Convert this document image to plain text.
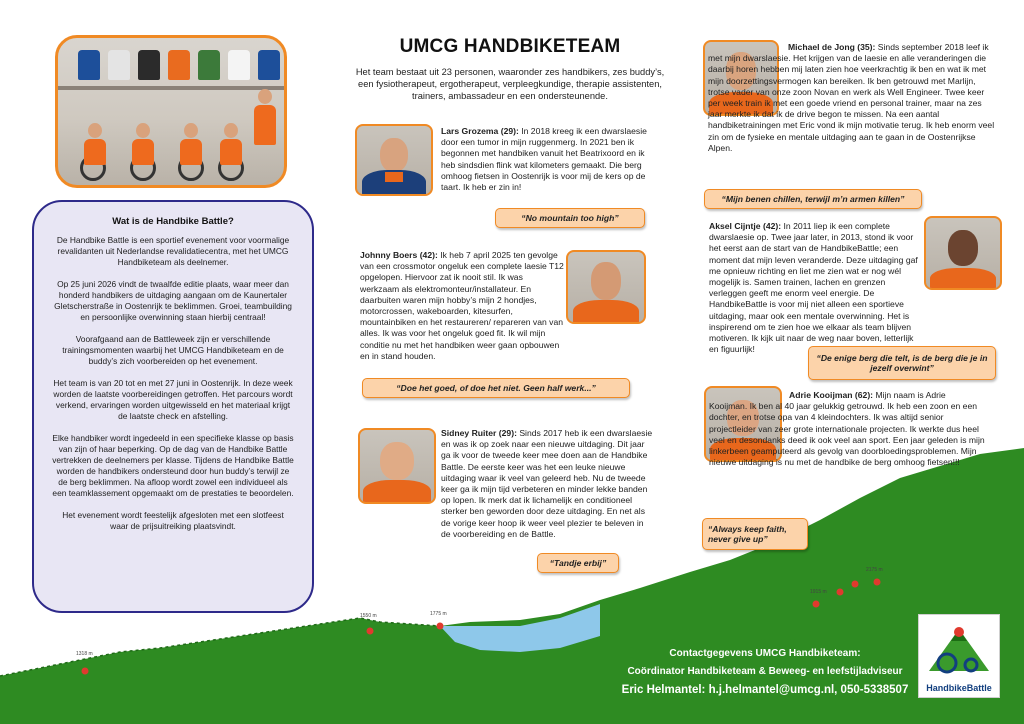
1318 m
1550 m	1775 m
1915 m
2175 m
Wat is de Handbike Battle?

De Handbike Battle is een sportief evenement voor voormalige revalidanten uit Nederlandse revalidatiecentra, met het UMCG Handbiketeam als deelnemer.

Op 25 juni 2026 vindt de twaalfde editie plaats, waar meer dan honderd handbikers de uitdaging aangaan om de Kaunertaler Gletscherstraße in Oostenrijk te beklimmen. Groei, teambuilding en persoonlijke overwinning staan hierbij centraal!

Voorafgaand aan de Battleweek zijn er verschillende trainingsmomenten waarbij het UMCG Handbiketeam en de buddy’s zich voorbereiden op het evenement.

Het team is van 20 tot en met 27 juni in Oostenrijk. In deze week worden de laatste voorbereidingen getroffen. Het parcours wordt verkend, ervaringen worden uitgewisseld en het materiaal krijgt de laatste check en afstelling.

Elke handbiker wordt ingedeeld in een specifieke klasse op basis van zijn of haar beperking. Op de dag van de Handbike Battle vertrekken de deelnemers per klasse. Tijdens de Handbike Battle worden de handbikers ondersteund door hun buddy’s terwijl ze de berg beklimmen. Na afloop wordt zowel een individueel als een teamklassement opgemaakt om de prestaties te beoordelen.

Het evenement wordt feestelijk afgesloten met een slotfeest waar de prijsuitreiking plaatsvindt.

UMCG HANDBIKETEAM
Het team bestaat uit 23 personen, waaronder zes handbikers, zes buddy’s, een fysiotherapeut, ergotherapeut, verpleegkundige, therapie assistenten, trainers, ambassadeur en een ondersteunende.
Lars Grozema (29): In 2018 kreeg ik een dwarslaesie door een tumor in mijn ruggenmerg. In 2021 ben ik begonnen met handbiken vanuit het Beatrixoord en ik heb sindsdien flink wat kilometers gemaakt. Die berg omhoog fietsen in Oostenrijk is voor mij de kers op de taart. Ik heb er zin in!
“No mountain too high”
Johnny Boers (42): Ik heb 7 april 2025 ten gevolge van een crossmotor ongeluk een complete laesie T12 opgelopen. Hiervoor zat ik nooit stil. Ik was werkzaam als elektromonteur/installateur. En daarbuiten waren mijn hobby’s mijn 2 hondjes, motorcrossen, wakeboarden, kitesurfen, mountainbiken en het restaureren/ repareren van van alles. Ik was voor het ongeluk goed fit. Ik wil mijn conditie nu met het handbiken weer gaan opbouwen en in stand houden.
“Doe het goed, of doe het niet. Geen half werk...”
Sidney Ruiter (29): Sinds 2017 heb ik een dwarslaesie en was ik op zoek naar een nieuwe uitdaging. Dit jaar ga ik voor de tweede keer mee doen aan de Handbike Battle. De eerste keer was het een leuke nieuwe uitdaging waar ik veel van geleerd heb. Nu de tweede keer ga ik mijn tijd verbeteren en minder lekke banden op lopen. Ik merk dat ik lichamelijk en conditioneel sterker ben geworden door deze uitdaging. En net als de vorige keer hoop ik weer veel plezier te beleven in de voorbereiding en de Battle.
“Tandje erbij”
Michael de Jong (35): Sinds september 2018 leef ik met mijn dwarslaesie. Het krijgen van de laesie en alle veranderingen die daarbij horen hebben mij laten zien hoe veerkrachtig ik ben en wat ik met mijn doorzettingsvermogen kan bereiken. Ik ben getrouwd met Marlijn, trotse vader van onze zoon Novan en werk als Well Engineer. Twee keer per week train ik met een goede vriend en personal trainer, maar na zes jaar merkte ik dat ik de drive begon te missen. Na een aantal handbiketrainingen met Eric vond ik mijn motivatie terug. Ik heb enorm veel zin om de fysieke en mentale uitdaging aan te gaan in de Oostenrijkse Alpen.
“Mijn benen chillen, terwijl m’n armen killen”
Aksel Cijntje (42): In 2011 liep ik een complete dwarslaesie op. Twee jaar later, in 2013, stond ik voor het eerst aan de start van de HandbikeBattle; een moment dat mijn leven veranderde. Deze uitdaging gaf me opnieuw richting en liet me zien wat er nog wél mogelijk is. Samen trainen, lachen en grenzen verleggen geeft me enorm veel energie. De HandbikeBattle is voor mij niet alleen een sportieve uitdaging, maar ook een mentale overwinning. Het is inspirerend om te zien hoe we elkaar als team blijven motiveren. Ik kijk uit naar de weg naar boven, letterlijk en figuurlijk!
“De enige berg die telt, is de berg die je in jezelf overwint”
Adrie Kooijman (62): Mijn naam is Adrie Kooijman. Ik ben al 40 jaar gelukkig getrouwd. Ik heb een zoon en een dochter, en trotse opa van 4 kleindochters. Ik was altijd senior projectleider van zeer grote internationale projecten. Ik werkte dus heel veel en desondanks deed ik ook veel aan sport. Een jaar geleden is mijn linkerbeen geamputeerd als gevolg van doorbloedingsproblemen. Mijn nieuwe uitdaging is nu met de handbike de berg omhoog fietsen!!!
“Always keep faith, never give up”
Contactgegevens UMCG Handbiketeam:
Coördinator Handbiketeam & Beweeg- en leefstijladviseur
Eric Helmantel: h.j.helmantel@umcg.nl, 050-5338507	HandbikeBattle
